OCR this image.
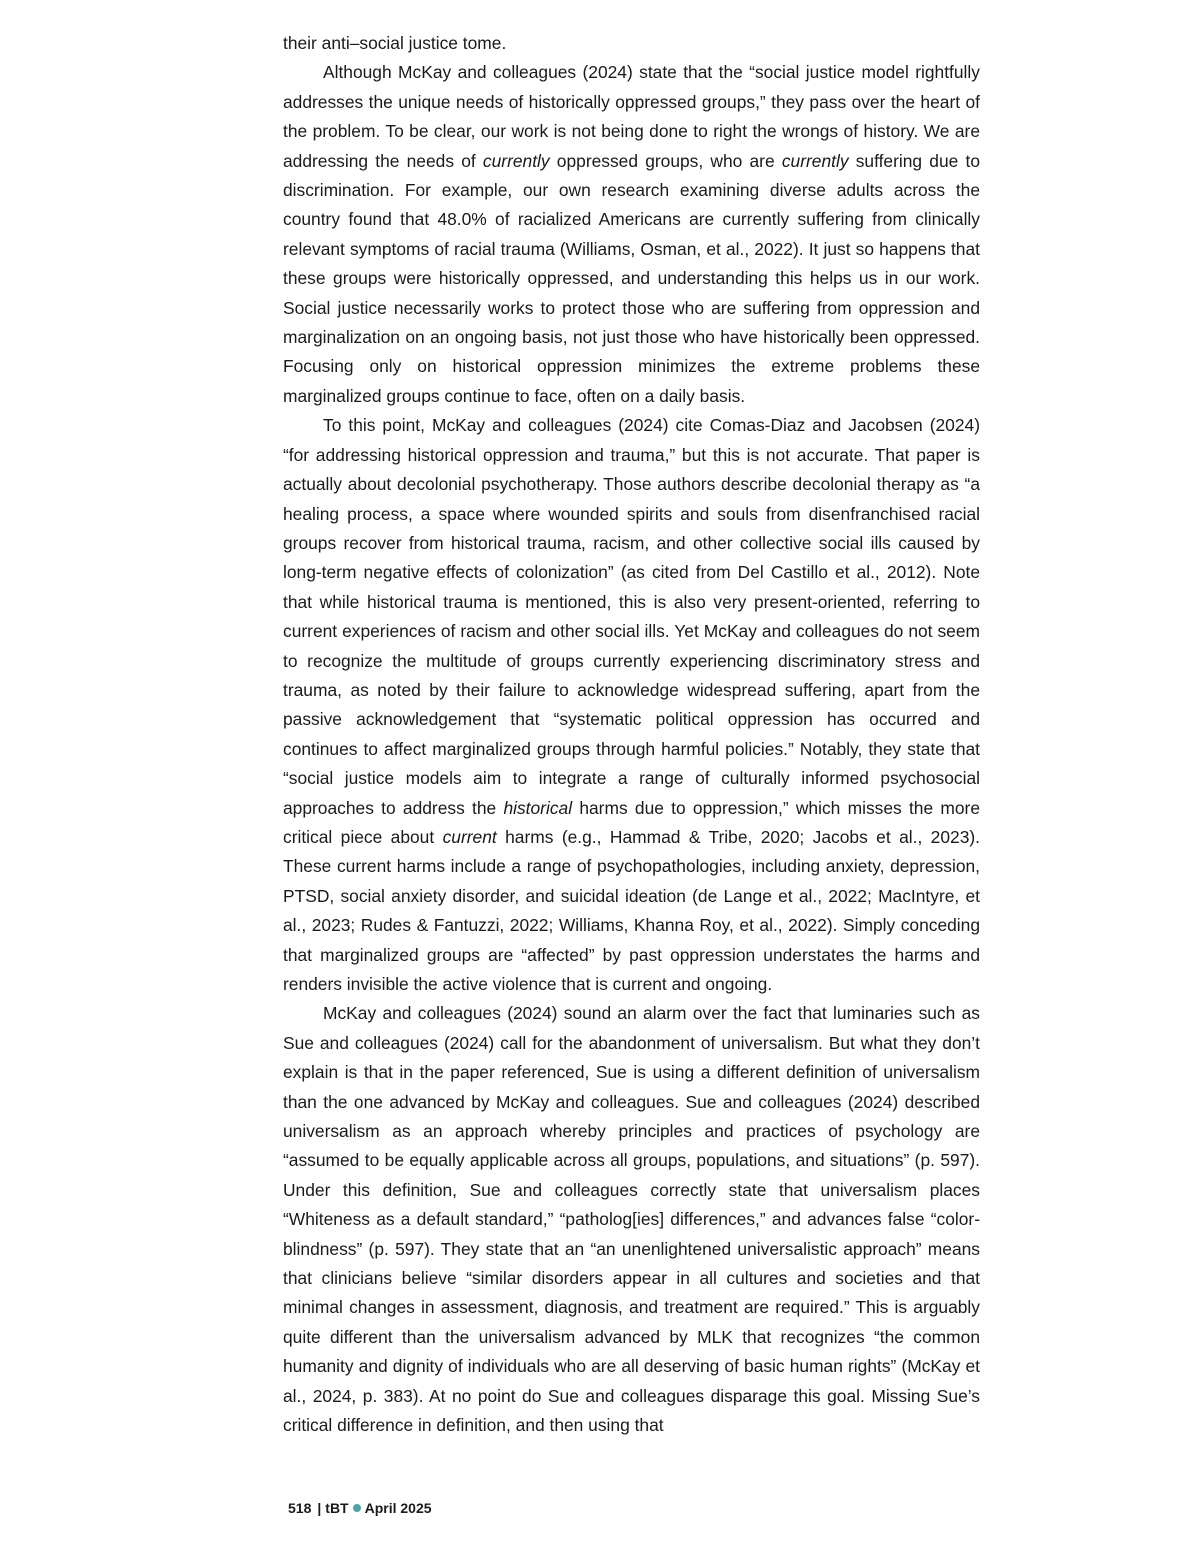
their anti–social justice tome.

Although McKay and colleagues (2024) state that the “social justice model rightfully addresses the unique needs of historically oppressed groups,” they pass over the heart of the problem. To be clear, our work is not being done to right the wrongs of history. We are addressing the needs of currently oppressed groups, who are currently suffering due to discrimination. For example, our own research examining diverse adults across the country found that 48.0% of racialized Americans are currently suffering from clinically relevant symptoms of racial trauma (Williams, Osman, et al., 2022). It just so happens that these groups were historically oppressed, and understanding this helps us in our work. Social justice necessarily works to protect those who are suffering from oppression and marginalization on an ongoing basis, not just those who have historically been oppressed. Focusing only on historical oppression minimizes the extreme problems these marginalized groups continue to face, often on a daily basis.

To this point, McKay and colleagues (2024) cite Comas-Diaz and Jacobsen (2024) “for addressing historical oppression and trauma,” but this is not accurate. That paper is actually about decolonial psychotherapy. Those authors describe decolonial therapy as “a healing process, a space where wounded spirits and souls from disenfranchised racial groups recover from historical trauma, racism, and other collective social ills caused by long-term negative effects of colonization” (as cited from Del Castillo et al., 2012). Note that while historical trauma is mentioned, this is also very present-oriented, referring to current experiences of racism and other social ills. Yet McKay and colleagues do not seem to recognize the multitude of groups currently experiencing discriminatory stress and trauma, as noted by their failure to acknowledge widespread suffering, apart from the passive acknowledgement that “systematic political oppression has occurred and continues to affect marginalized groups through harmful policies.” Notably, they state that “social justice models aim to integrate a range of culturally informed psychosocial approaches to address the historical harms due to oppression,” which misses the more critical piece about current harms (e.g., Hammad & Tribe, 2020; Jacobs et al., 2023). These current harms include a range of psychopathologies, including anxiety, depression, PTSD, social anxiety disorder, and suicidal ideation (de Lange et al., 2022; MacIntyre, et al., 2023; Rudes & Fantuzzi, 2022; Williams, Khanna Roy, et al., 2022). Simply conceding that marginalized groups are “affected” by past oppression understates the harms and renders invisible the active violence that is current and ongoing.

McKay and colleagues (2024) sound an alarm over the fact that luminaries such as Sue and colleagues (2024) call for the abandonment of universalism. But what they don’t explain is that in the paper referenced, Sue is using a different definition of universalism than the one advanced by McKay and colleagues. Sue and colleagues (2024) described universalism as an approach whereby principles and practices of psychology are “assumed to be equally applicable across all groups, populations, and situations” (p. 597). Under this definition, Sue and colleagues correctly state that universalism places “Whiteness as a default standard,” “patholog[ies] differences,” and advances false “color-blindness” (p. 597). They state that an “an unenlightened universalistic approach” means that clinicians believe “similar disorders appear in all cultures and societies and that minimal changes in assessment, diagnosis, and treatment are required.” This is arguably quite different than the universalism advanced by MLK that recognizes “the common humanity and dignity of individuals who are all deserving of basic human rights” (McKay et al., 2024, p. 383). At no point do Sue and colleagues disparage this goal. Missing Sue’s critical difference in definition, and then using that

518 | tBT April 2025
